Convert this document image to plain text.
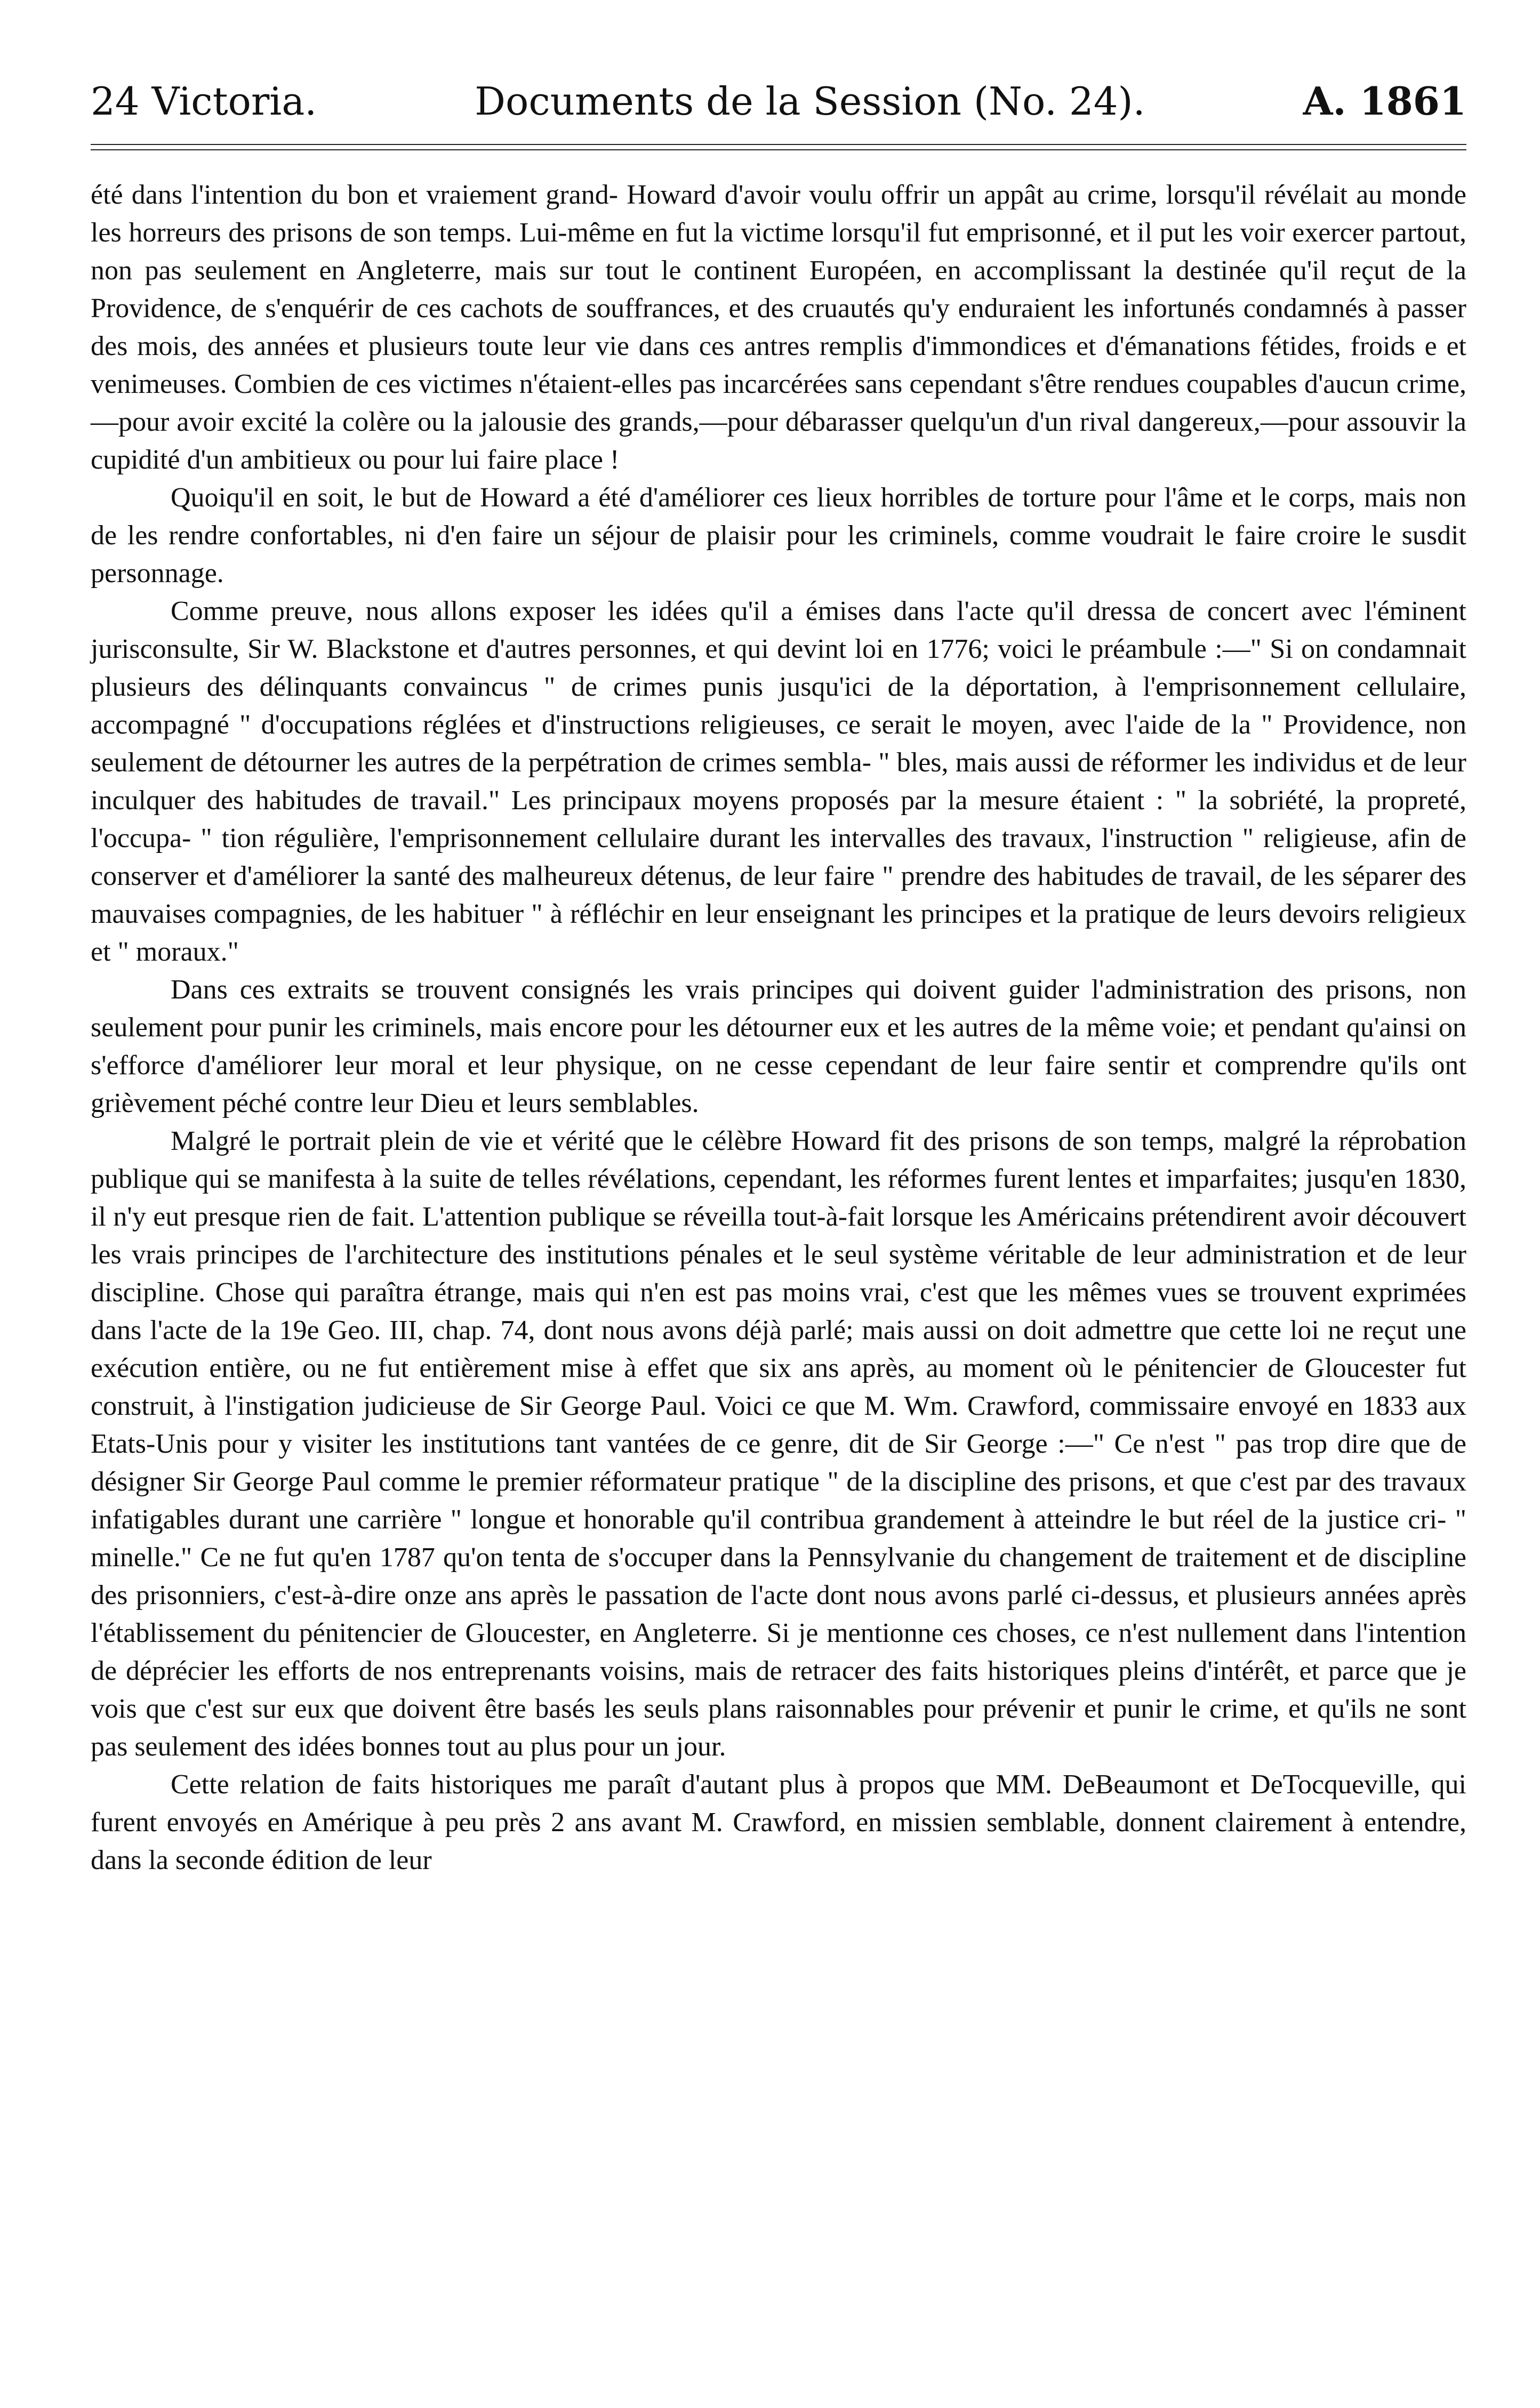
24 Victoria.	Documents de la Session (No. 24).	A. 1861

été dans l'intention du bon et vraiement grand- Howard d'avoir voulu offrir un appât au crime, lorsqu'il révélait au monde les horreurs des prisons de son temps. Lui-même en fut la victime lorsqu'il fut emprisonné, et il put les voir exercer partout, non pas seulement en Angleterre, mais sur tout le continent Européen, en accomplissant la destinée qu'il reçut de la Providence, de s'enquérir de ces cachots de souffrances, et des cruautés qu'y enduraient les infortunés condamnés à passer des mois, des années et plusieurs toute leur vie dans ces antres remplis d'immondices et d'émanations fétides, froids e et venimeuses. Combien de ces victimes n'étaient-elles pas incarcérées sans cependant s'être rendues coupables d'aucun crime,—pour avoir excité la colère ou la jalousie des grands,—pour débarasser quelqu'un d'un rival dangereux,—pour assouvir la cupidité d'un ambitieux ou pour lui faire place !

Quoiqu'il en soit, le but de Howard a été d'améliorer ces lieux horribles de torture pour l'âme et le corps, mais non de les rendre confortables, ni d'en faire un séjour de plaisir pour les criminels, comme voudrait le faire croire le susdit personnage.

Comme preuve, nous allons exposer les idées qu'il a émises dans l'acte qu'il dressa de concert avec l'éminent jurisconsulte, Sir W. Blackstone et d'autres personnes, et qui devint loi en 1776; voici le préambule :—" Si on condamnait plusieurs des délinquants convaincus " de crimes punis jusqu'ici de la déportation, à l'emprisonnement cellulaire, accompagné " d'occupations réglées et d'instructions religieuses, ce serait le moyen, avec l'aide de la " Providence, non seulement de détourner les autres de la perpétration de crimes sembla- " bles, mais aussi de réformer les individus et de leur inculquer des habitudes de travail." Les principaux moyens proposés par la mesure étaient : " la sobriété, la propreté, l'occupa- " tion régulière, l'emprisonnement cellulaire durant les intervalles des travaux, l'instruction " religieuse, afin de conserver et d'améliorer la santé des malheureux détenus, de leur faire " prendre des habitudes de travail, de les séparer des mauvaises compagnies, de les habituer " à réfléchir en leur enseignant les principes et la pratique de leurs devoirs religieux et " moraux."

Dans ces extraits se trouvent consignés les vrais principes qui doivent guider l'administration des prisons, non seulement pour punir les criminels, mais encore pour les détourner eux et les autres de la même voie; et pendant qu'ainsi on s'efforce d'améliorer leur moral et leur physique, on ne cesse cependant de leur faire sentir et comprendre qu'ils ont grièvement péché contre leur Dieu et leurs semblables.

Malgré le portrait plein de vie et vérité que le célèbre Howard fit des prisons de son temps, malgré la réprobation publique qui se manifesta à la suite de telles révélations, cependant, les réformes furent lentes et imparfaites; jusqu'en 1830, il n'y eut presque rien de fait. L'attention publique se réveilla tout-à-fait lorsque les Américains prétendirent avoir découvert les vrais principes de l'architecture des institutions pénales et le seul système véritable de leur administration et de leur discipline. Chose qui paraîtra étrange, mais qui n'en est pas moins vrai, c'est que les mêmes vues se trouvent exprimées dans l'acte de la 19e Geo. III, chap. 74, dont nous avons déjà parlé; mais aussi on doit admettre que cette loi ne reçut une exécution entière, ou ne fut entièrement mise à effet que six ans après, au moment où le pénitencier de Gloucester fut construit, à l'instigation judicieuse de Sir George Paul. Voici ce que M. Wm. Crawford, commissaire envoyé en 1833 aux Etats-Unis pour y visiter les institutions tant vantées de ce genre, dit de Sir George :—" Ce n'est " pas trop dire que de désigner Sir George Paul comme le premier réformateur pratique " de la discipline des prisons, et que c'est par des travaux infatigables durant une carrière " longue et honorable qu'il contribua grandement à atteindre le but réel de la justice cri- " minelle." Ce ne fut qu'en 1787 qu'on tenta de s'occuper dans la Pennsylvanie du changement de traitement et de discipline des prisonniers, c'est-à-dire onze ans après le passation de l'acte dont nous avons parlé ci-dessus, et plusieurs années après l'établissement du pénitencier de Gloucester, en Angleterre. Si je mentionne ces choses, ce n'est nullement dans l'intention de déprécier les efforts de nos entreprenants voisins, mais de retracer des faits historiques pleins d'intérêt, et parce que je vois que c'est sur eux que doivent être basés les seuls plans raisonnables pour prévenir et punir le crime, et qu'ils ne sont pas seulement des idées bonnes tout au plus pour un jour.

Cette relation de faits historiques me paraît d'autant plus à propos que MM. DeBeaumont et DeTocqueville, qui furent envoyés en Amérique à peu près 2 ans avant M. Crawford, en missien semblable, donnent clairement à entendre, dans la seconde édition de leur
